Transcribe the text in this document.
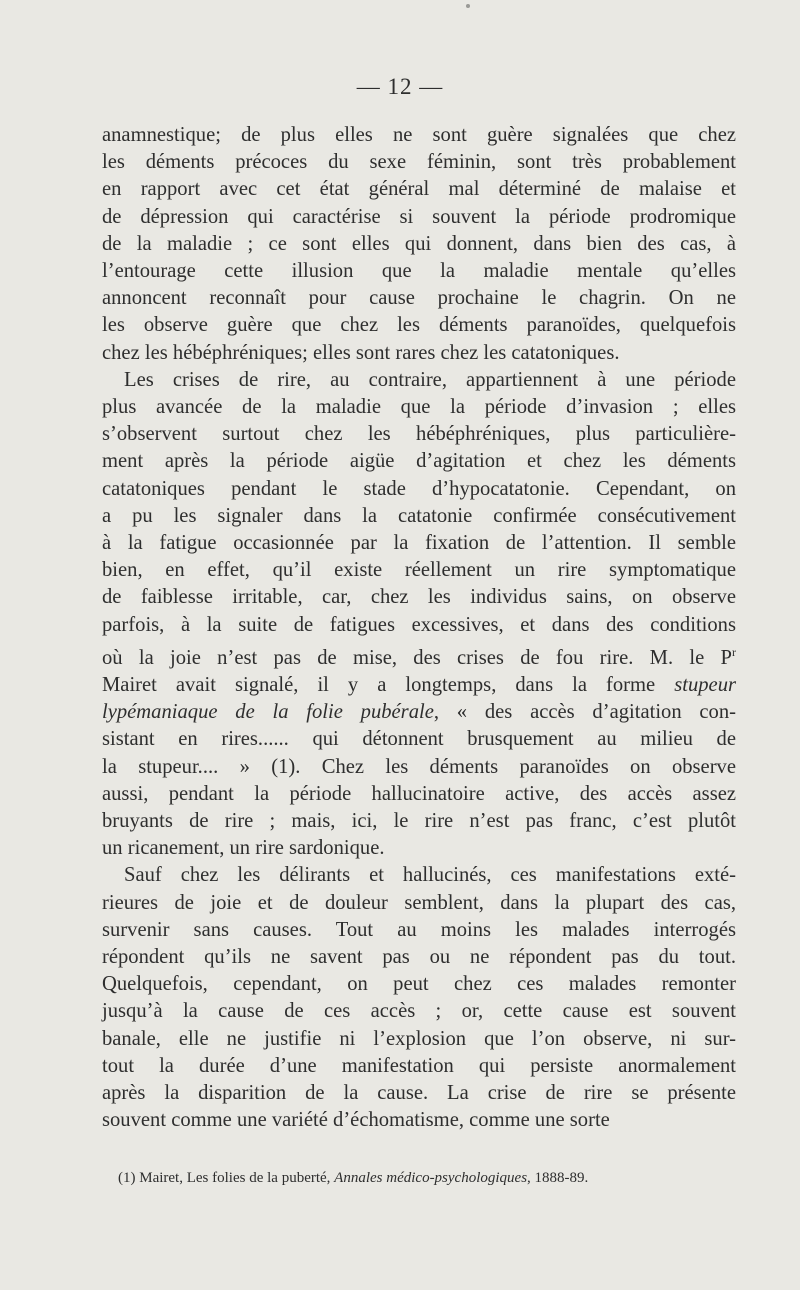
— 12 —
anamnestique; de plus elles ne sont guère signalées que chez
les déments précoces du sexe féminin, sont très probablement
en rapport avec cet état général mal déterminé de malaise et
de dépression qui caractérise si souvent la période prodromique
de la maladie ; ce sont elles qui donnent, dans bien des cas, à
l’entourage cette illusion que la maladie mentale qu’elles
annoncent reconnaît pour cause prochaine le chagrin. On ne
les observe guère que chez les déments paranoïdes, quelquefois
chez les hébéphréniques; elles sont rares chez les catatoniques.
Les crises de rire, au contraire, appartiennent à une période
plus avancée de la maladie que la période d’invasion ; elles
s’observent surtout chez les hébéphréniques, plus particulière-
ment après la période aigüe d’agitation et chez les déments
catatoniques pendant le stade d’hypocatatonie. Cependant, on
a pu les signaler dans la catatonie confirmée consécutivement
à la fatigue occasionnée par la fixation de l’attention. Il semble
bien, en effet, qu’il existe réellement un rire symptomatique
de faiblesse irritable, car, chez les individus sains, on observe
parfois, à la suite de fatigues excessives, et dans des conditions
où la joie n’est pas de mise, des crises de fou rire. M. le $P^r$
Mairet avait signalé, il y a longtemps, dans la forme stupeur
lypémaniaque de la folie pubérale, « des accès d’agitation con-
sistant en rires...... qui détonnent brusquement au milieu de
la stupeur.... » (1). Chez les déments paranoïdes on observe
aussi, pendant la période hallucinatoire active, des accès assez
bruyants de rire ; mais, ici, le rire n’est pas franc, c’est plutôt
un ricanement, un rire sardonique.
Sauf chez les délirants et hallucinés, ces manifestations exté-
rieures de joie et de douleur semblent, dans la plupart des cas,
survenir sans causes. Tout au moins les malades interrogés
répondent qu’ils ne savent pas ou ne répondent pas du tout.
Quelquefois, cependant, on peut chez ces malades remonter
jusqu’à la cause de ces accès ; or, cette cause est souvent
banale, elle ne justifie ni l’explosion que l’on observe, ni sur-
tout la durée d’une manifestation qui persiste anormalement
après la disparition de la cause. La crise de rire se présente
souvent comme une variété d’échomatisme, comme une sorte
(1) Mairet, Les folies de la puberté, Annales médico-psychologiques, 1888-89.
